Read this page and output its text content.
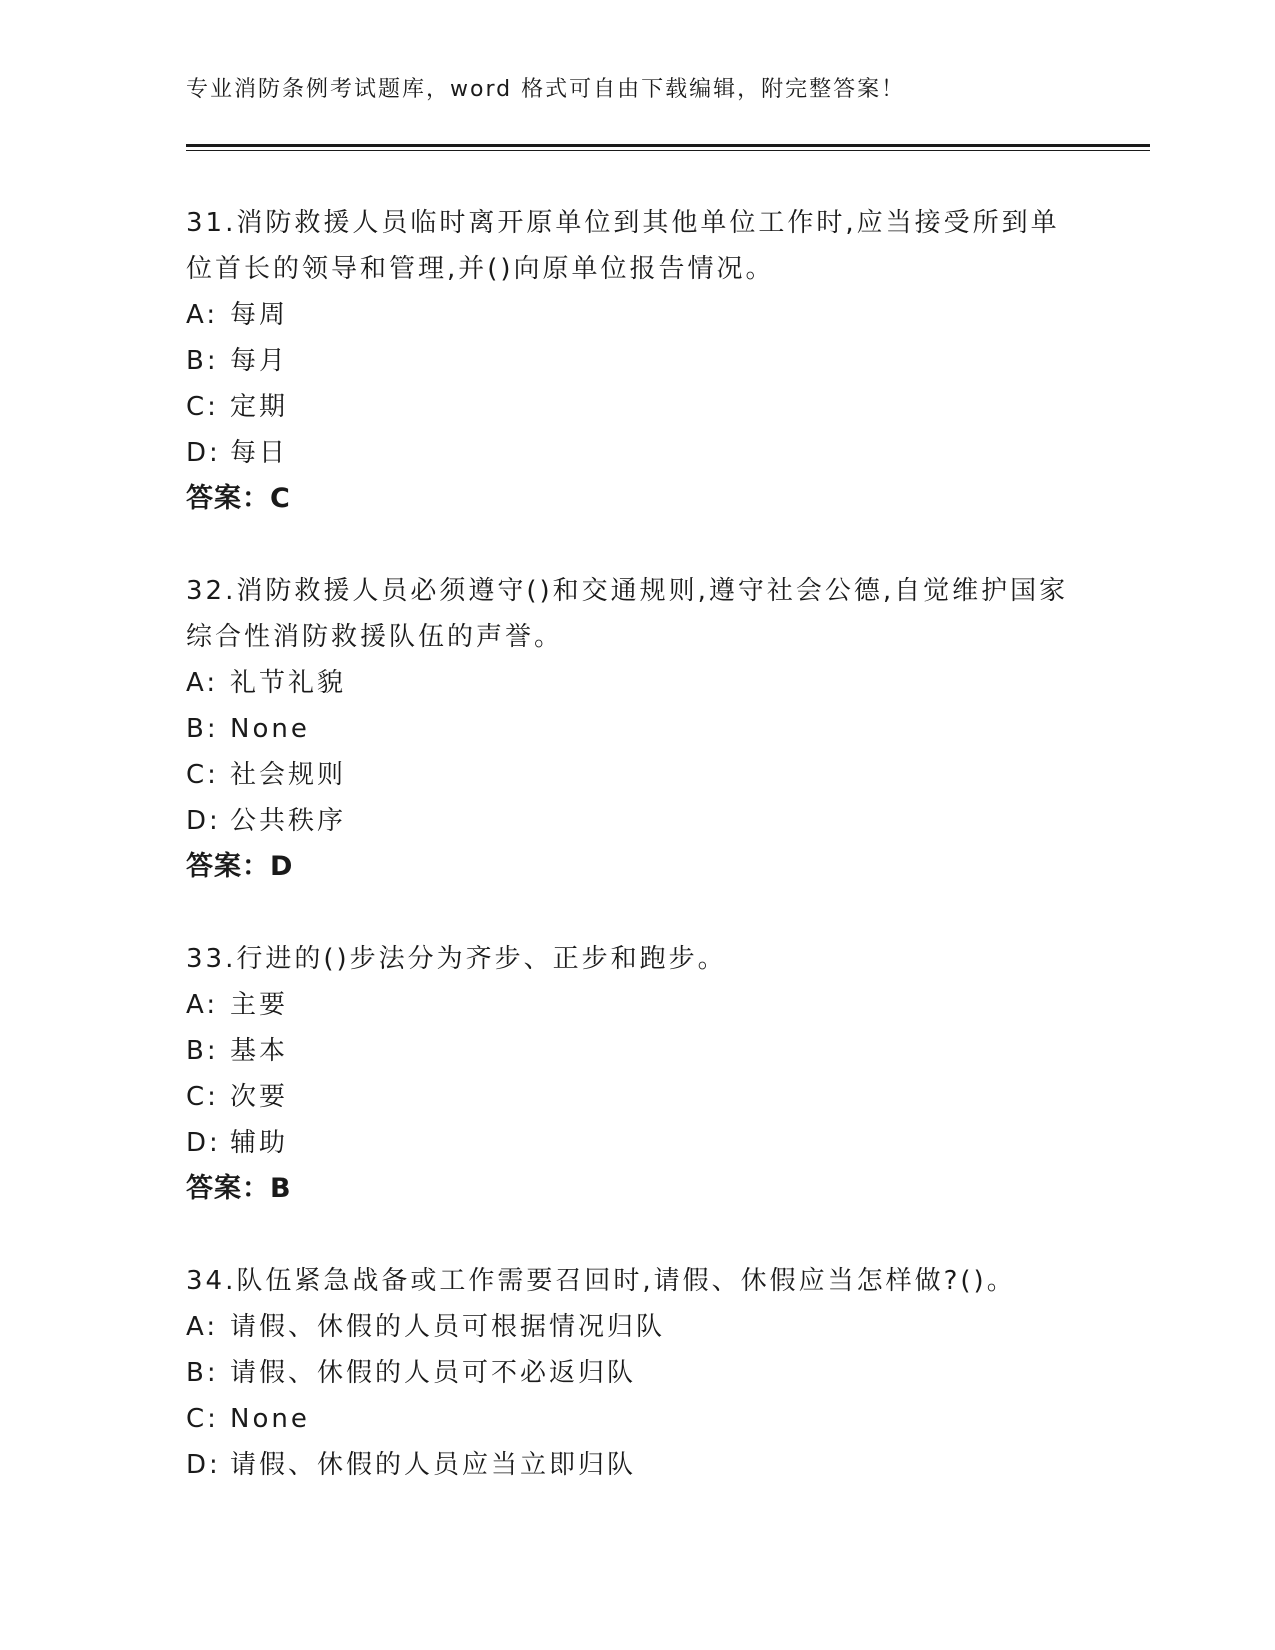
专业消防条例考试题库，word 格式可自由下载编辑，附完整答案！
31.消防救援人员临时离开原单位到其他单位工作时,应当接受所到单位首长的领导和管理,并()向原单位报告情况。
A: 每周
B: 每月
C: 定期
D: 每日
答案：C
32.消防救援人员必须遵守()和交通规则,遵守社会公德,自觉维护国家综合性消防救援队伍的声誉。
A: 礼节礼貌
B: None
C: 社会规则
D: 公共秩序
答案：D
33.行进的()步法分为齐步、正步和跑步。
A: 主要
B: 基本
C: 次要
D: 辅助
答案：B
34.队伍紧急战备或工作需要召回时,请假、休假应当怎样做?()。
A: 请假、休假的人员可根据情况归队
B: 请假、休假的人员可不必返归队
C: None
D: 请假、休假的人员应当立即归队
